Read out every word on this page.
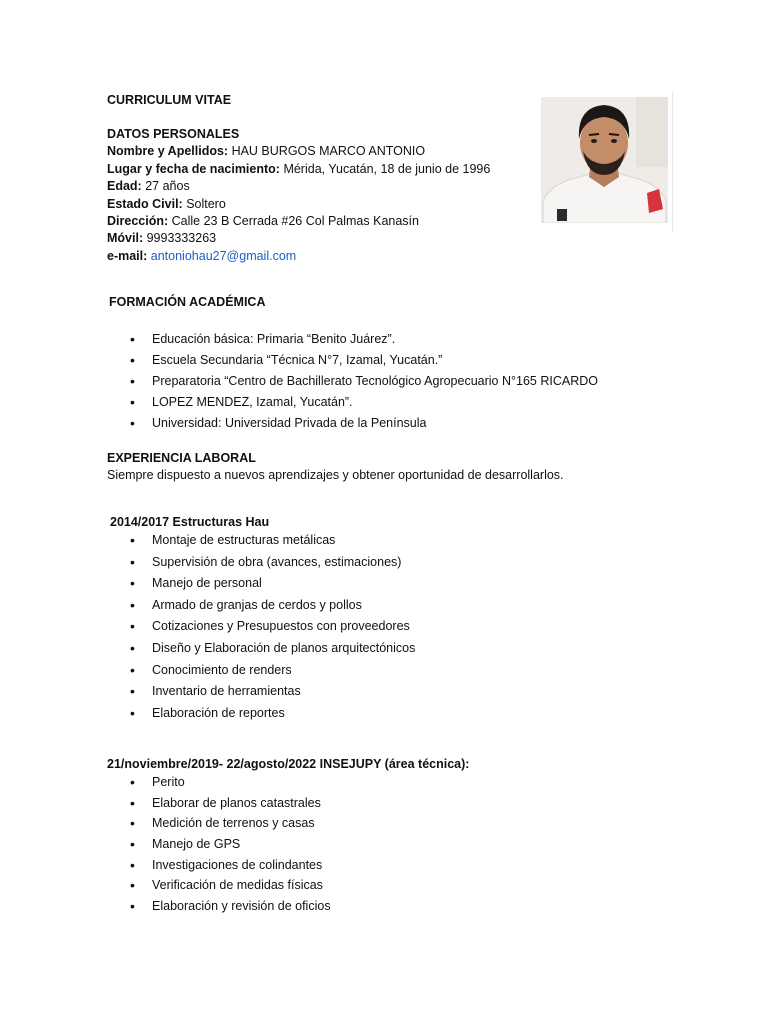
CURRICULUM VITAE
DATOS PERSONALES
Nombre y Apellidos: HAU BURGOS MARCO ANTONIO
Lugar y fecha de nacimiento: Mérida, Yucatán, 18 de junio de 1996
Edad: 27 años
Estado Civil: Soltero
Dirección: Calle 23 B Cerrada #26 Col Palmas Kanasín
Móvil: 9993333263
e-mail: antoniohau27@gmail.com
FORMACIÓN ACADÉMICA
• Educación básica: Primaria “Benito Juárez”.
• Escuela Secundaria “Técnica N°7, Izamal, Yucatán.”
• Preparatoria “Centro de Bachillerato Tecnológico Agropecuario N°165 RICARDO
• LOPEZ MENDEZ, Izamal, Yucatán”.
• Universidad: Universidad Privada de la Península
EXPERIENCIA LABORAL
Siempre dispuesto a nuevos aprendizajes y obtener oportunidad de desarrollarlos.
2014/2017 Estructuras Hau
• Montaje de estructuras metálicas
• Supervisión de obra (avances, estimaciones)
• Manejo de personal
• Armado de granjas de cerdos y pollos
• Cotizaciones y Presupuestos con proveedores
• Diseño y Elaboración de planos arquitectónicos
• Conocimiento de renders
• Inventario de herramientas
• Elaboración de reportes
21/noviembre/2019- 22/agosto/2022 INSEJUPY (área técnica):
• Perito
• Elaborar de planos catastrales
• Medición de terrenos y casas
• Manejo de GPS
• Investigaciones de colindantes
• Verificación de medidas físicas
• Elaboración y revisión de oficios
